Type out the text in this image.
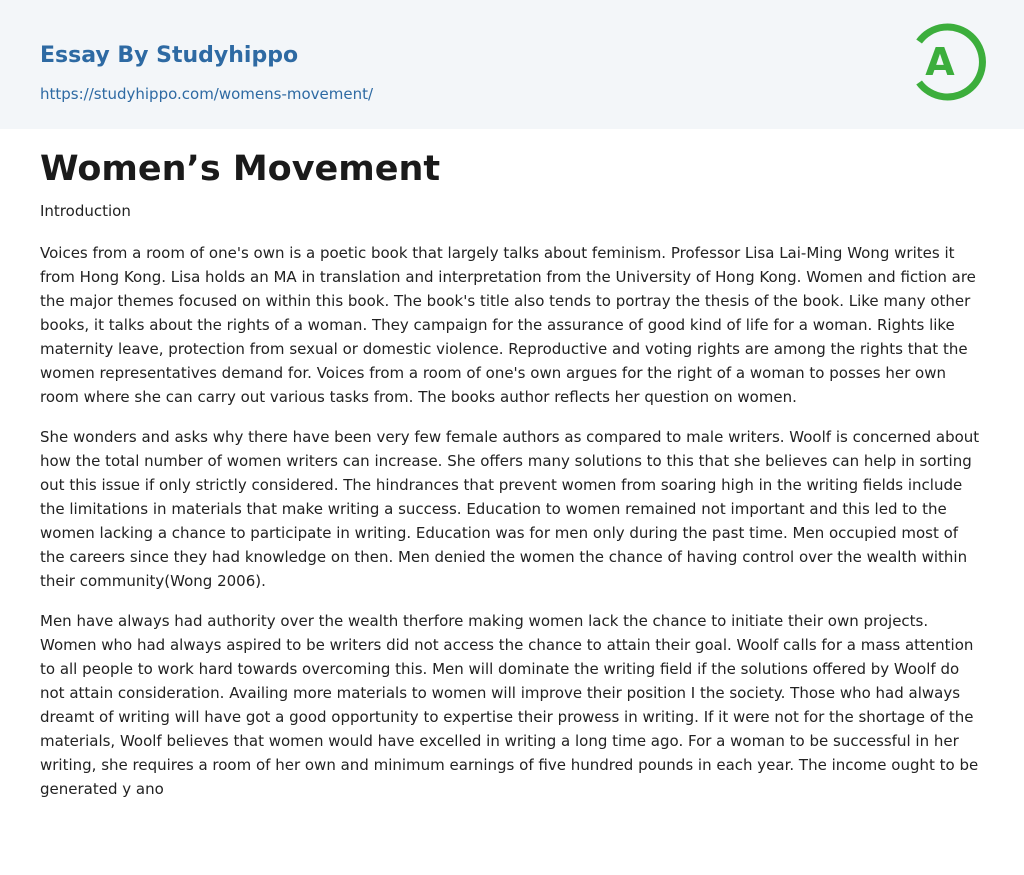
Essay By Studyhippo
https://studyhippo.com/womens-movement/
A
Women’s Movement

Introduction

Voices from a room of one's own is a poetic book that largely talks about feminism. Professor Lisa Lai-Ming Wong writes it from Hong Kong. Lisa holds an MA in translation and interpretation from the University of Hong Kong. Women and fiction are the major themes focused on within this book. The book's title also tends to portray the thesis of the book. Like many other books, it talks about the rights of a woman. They campaign for the assurance of good kind of life for a woman. Rights like maternity leave, protection from sexual or domestic violence. Reproductive and voting rights are among the rights that the women representatives demand for. Voices from a room of one's own argues for the right of a woman to posses her own room where she can carry out various tasks from. The books author reflects her question on women.

She wonders and asks why there have been very few female authors as compared to male writers. Woolf is concerned about how the total number of women writers can increase. She offers many solutions to this that she believes can help in sorting out this issue if only strictly considered. The hindrances that prevent women from soaring high in the writing fields include the limitations in materials that make writing a success. Education to women remained not important and this led to the women lacking a chance to participate in writing. Education was for men only during the past time. Men occupied most of the careers since they had knowledge on then. Men denied the women the chance of having control over the wealth within their community(Wong 2006).

Men have always had authority over the wealth therfore making women lack the chance to initiate their own projects. Women who had always aspired to be writers did not access the chance to attain their goal. Woolf calls for a mass attention to all people to work hard towards overcoming this. Men will dominate the writing field if the solutions offered by Woolf do not attain consideration. Availing more materials to women will improve their position I the society. Those who had always dreamt of writing will have got a good opportunity to expertise their prowess in writing. If it were not for the shortage of the materials, Woolf believes that women would have excelled in writing a long time ago. For a woman to be successful in her writing, she requires a room of her own and minimum earnings of five hundred pounds in each year. The income ought to be generated y ano
